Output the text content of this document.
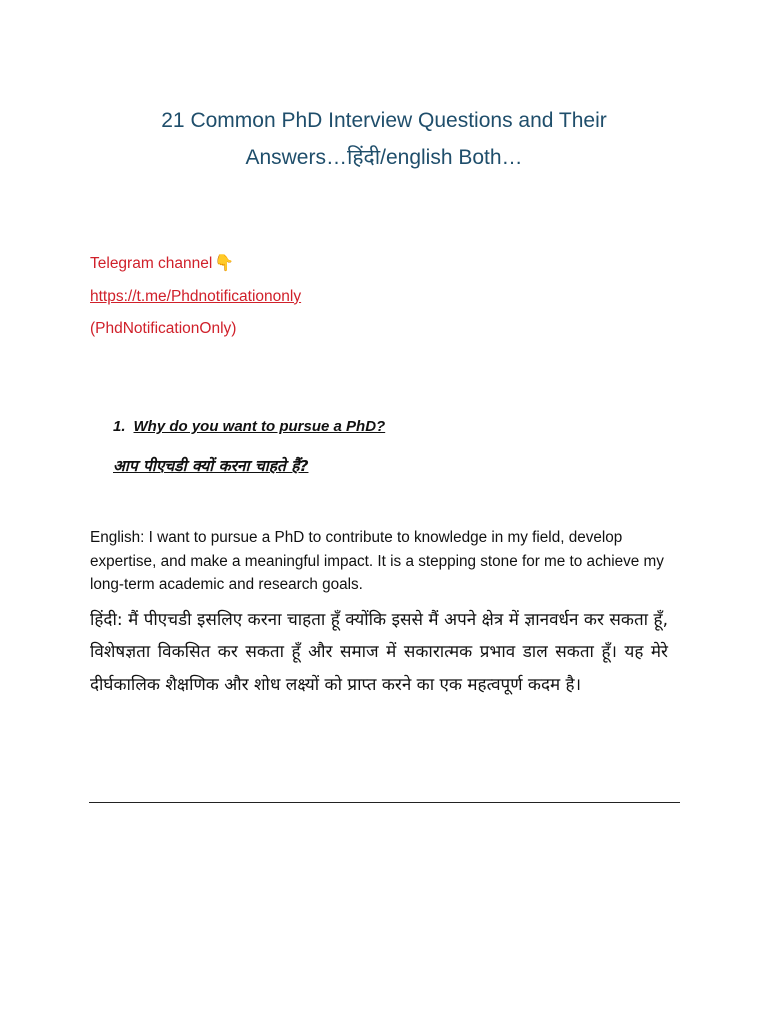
21 Common PhD Interview Questions and Their
Answers…हिंदी/english Both…
Telegram channel 👇
https://t.me/Phdnotificationonly
(PhdNotificationOnly)
1. Why do you want to pursue a PhD?
आप पीएचडी क्यों करना चाहते हैं?

English: I want to pursue a PhD to contribute to knowledge in my field, develop expertise, and make a meaningful impact. It is a stepping stone for me to achieve my long-term academic and research goals.

हिंदी: मैं पीएचडी इसलिए करना चाहता हूँ क्योंकि इससे मैं अपने क्षेत्र में ज्ञानवर्धन कर सकता हूँ, विशेषज्ञता विकसित कर सकता हूँ और समाज में सकारात्मक प्रभाव डाल सकता हूँ। यह मेरे दीर्घकालिक शैक्षणिक और शोध लक्ष्यों को प्राप्त करने का एक महत्वपूर्ण कदम है।
